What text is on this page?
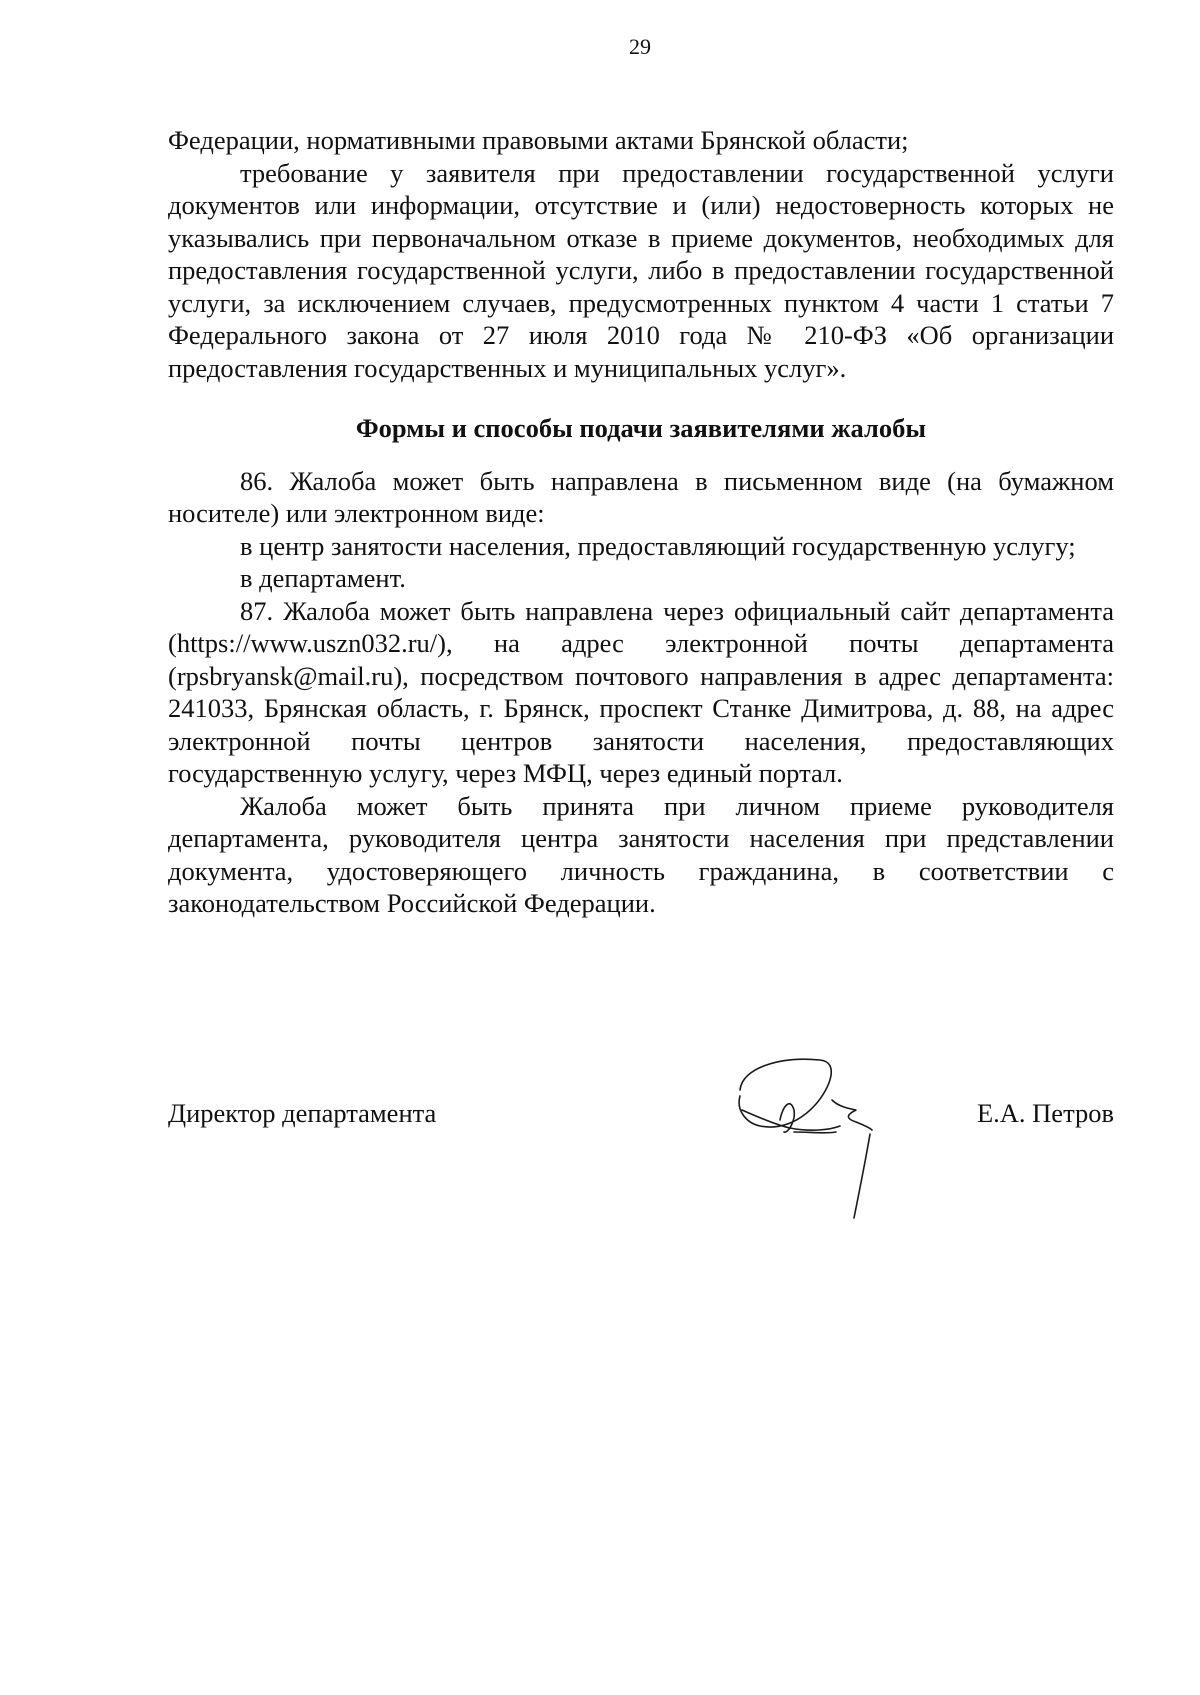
29

Федерации, нормативными правовыми актами Брянской области;

требование у заявителя при предоставлении государственной услуги документов или информации, отсутствие и (или) недостоверность которых не указывались при первоначальном отказе в приеме документов, необходимых для предоставления государственной услуги, либо в предоставлении государственной услуги, за исключением случаев, предусмотренных пунктом 4 части 1 статьи 7 Федерального закона от 27 июля 2010 года № 210-ФЗ «Об организации предоставления государственных и муниципальных услуг».

Формы и способы подачи заявителями жалобы

86. Жалоба может быть направлена в письменном виде (на бумажном носителе) или электронном виде:

в центр занятости населения, предоставляющий государственную услугу;

в департамент.

87. Жалоба может быть направлена через официальный сайт департамента (https://www.uszn032.ru/), на адрес электронной почты департамента (rpsbryansk@mail.ru), посредством почтового направления в адрес департамента: 241033, Брянская область, г. Брянск, проспект Станке Димитрова, д. 88, на адрес электронной почты центров занятости населения, предоставляющих государственную услугу, через МФЦ, через единый портал.

Жалоба может быть принята при личном приеме руководителя департамента, руководителя центра занятости населения при представлении документа, удостоверяющего личность гражданина, в соответствии с законодательством Российской Федерации.

Директор департамента	Е.А. Петров
